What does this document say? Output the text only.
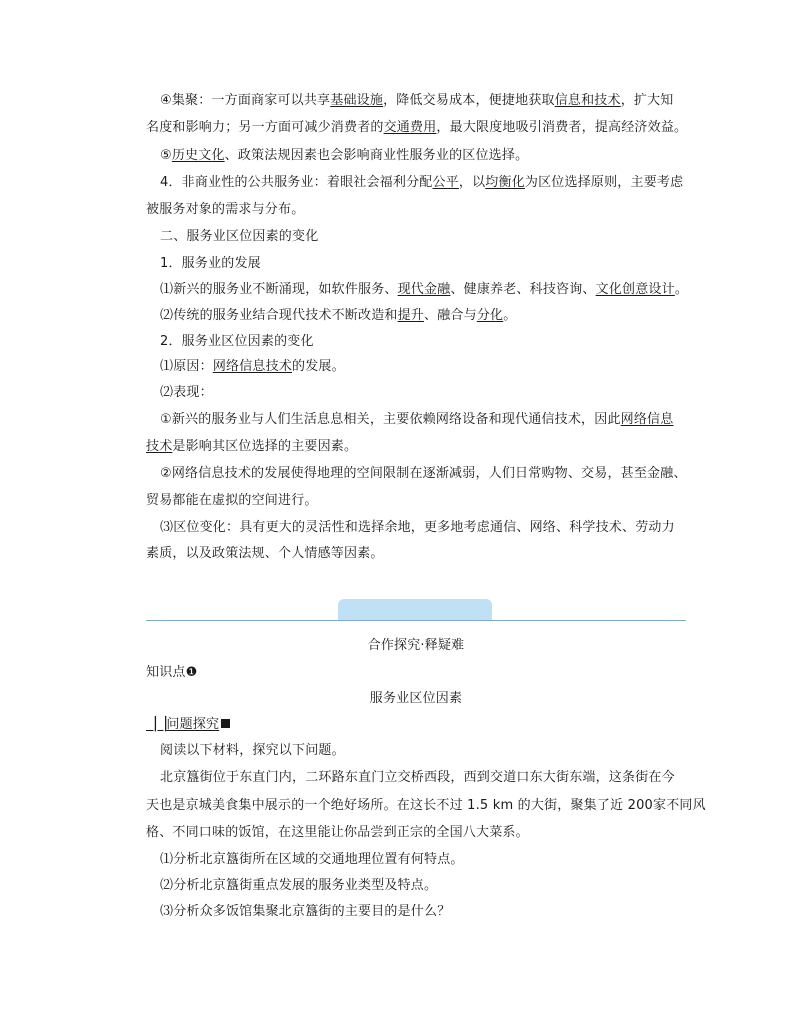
④集聚：一方面商家可以共享基础设施，降低交易成本，便捷地获取信息和技术，扩大知
名度和影响力；另一方面可减少消费者的交通费用，最大限度地吸引消费者，提高经济效益。
⑤历史文化、政策法规因素也会影响商业性服务业的区位选择。
4．非商业性的公共服务业：着眼社会福利分配公平，以均衡化为区位选择原则，主要考虑
被服务对象的需求与分布。
二、服务业区位因素的变化
1．服务业的发展
⑴新兴的服务业不断涌现，如软件服务、现代金融、健康养老、科技咨询、文化创意设计。
⑵传统的服务业结合现代技术不断改造和提升、融合与分化。
2．服务业区位因素的变化
⑴原因：网络信息技术的发展。
⑵表现：
①新兴的服务业与人们生活息息相关，主要依赖网络设备和现代通信技术，因此网络信息
技术是影响其区位选择的主要因素。
②网络信息技术的发展使得地理的空间限制在逐渐减弱，人们日常购物、交易，甚至金融、
贸易都能在虚拟的空间进行。
⑶区位变化：具有更大的灵活性和选择余地，更多地考虑通信、网络、科学技术、劳动力
素质，以及政策法规、个人情感等因素。
合作探究·释疑难
知识点❶
服务业区位因素
▕▕问题探究
阅读以下材料，探究以下问题。
北京簋街位于东直门内，二环路东直门立交桥西段，西到交道口东大街东端，这条街在今
天也是京城美食集中展示的一个绝好场所。在这长不过 1.5 km 的大街，聚集了近 200家不同风
格、不同口味的饭馆，在这里能让你品尝到正宗的全国八大菜系。
⑴分析北京簋街所在区域的交通地理位置有何特点。
⑵分析北京簋街重点发展的服务业类型及特点。
⑶分析众多饭馆集聚北京簋街的主要目的是什么？
